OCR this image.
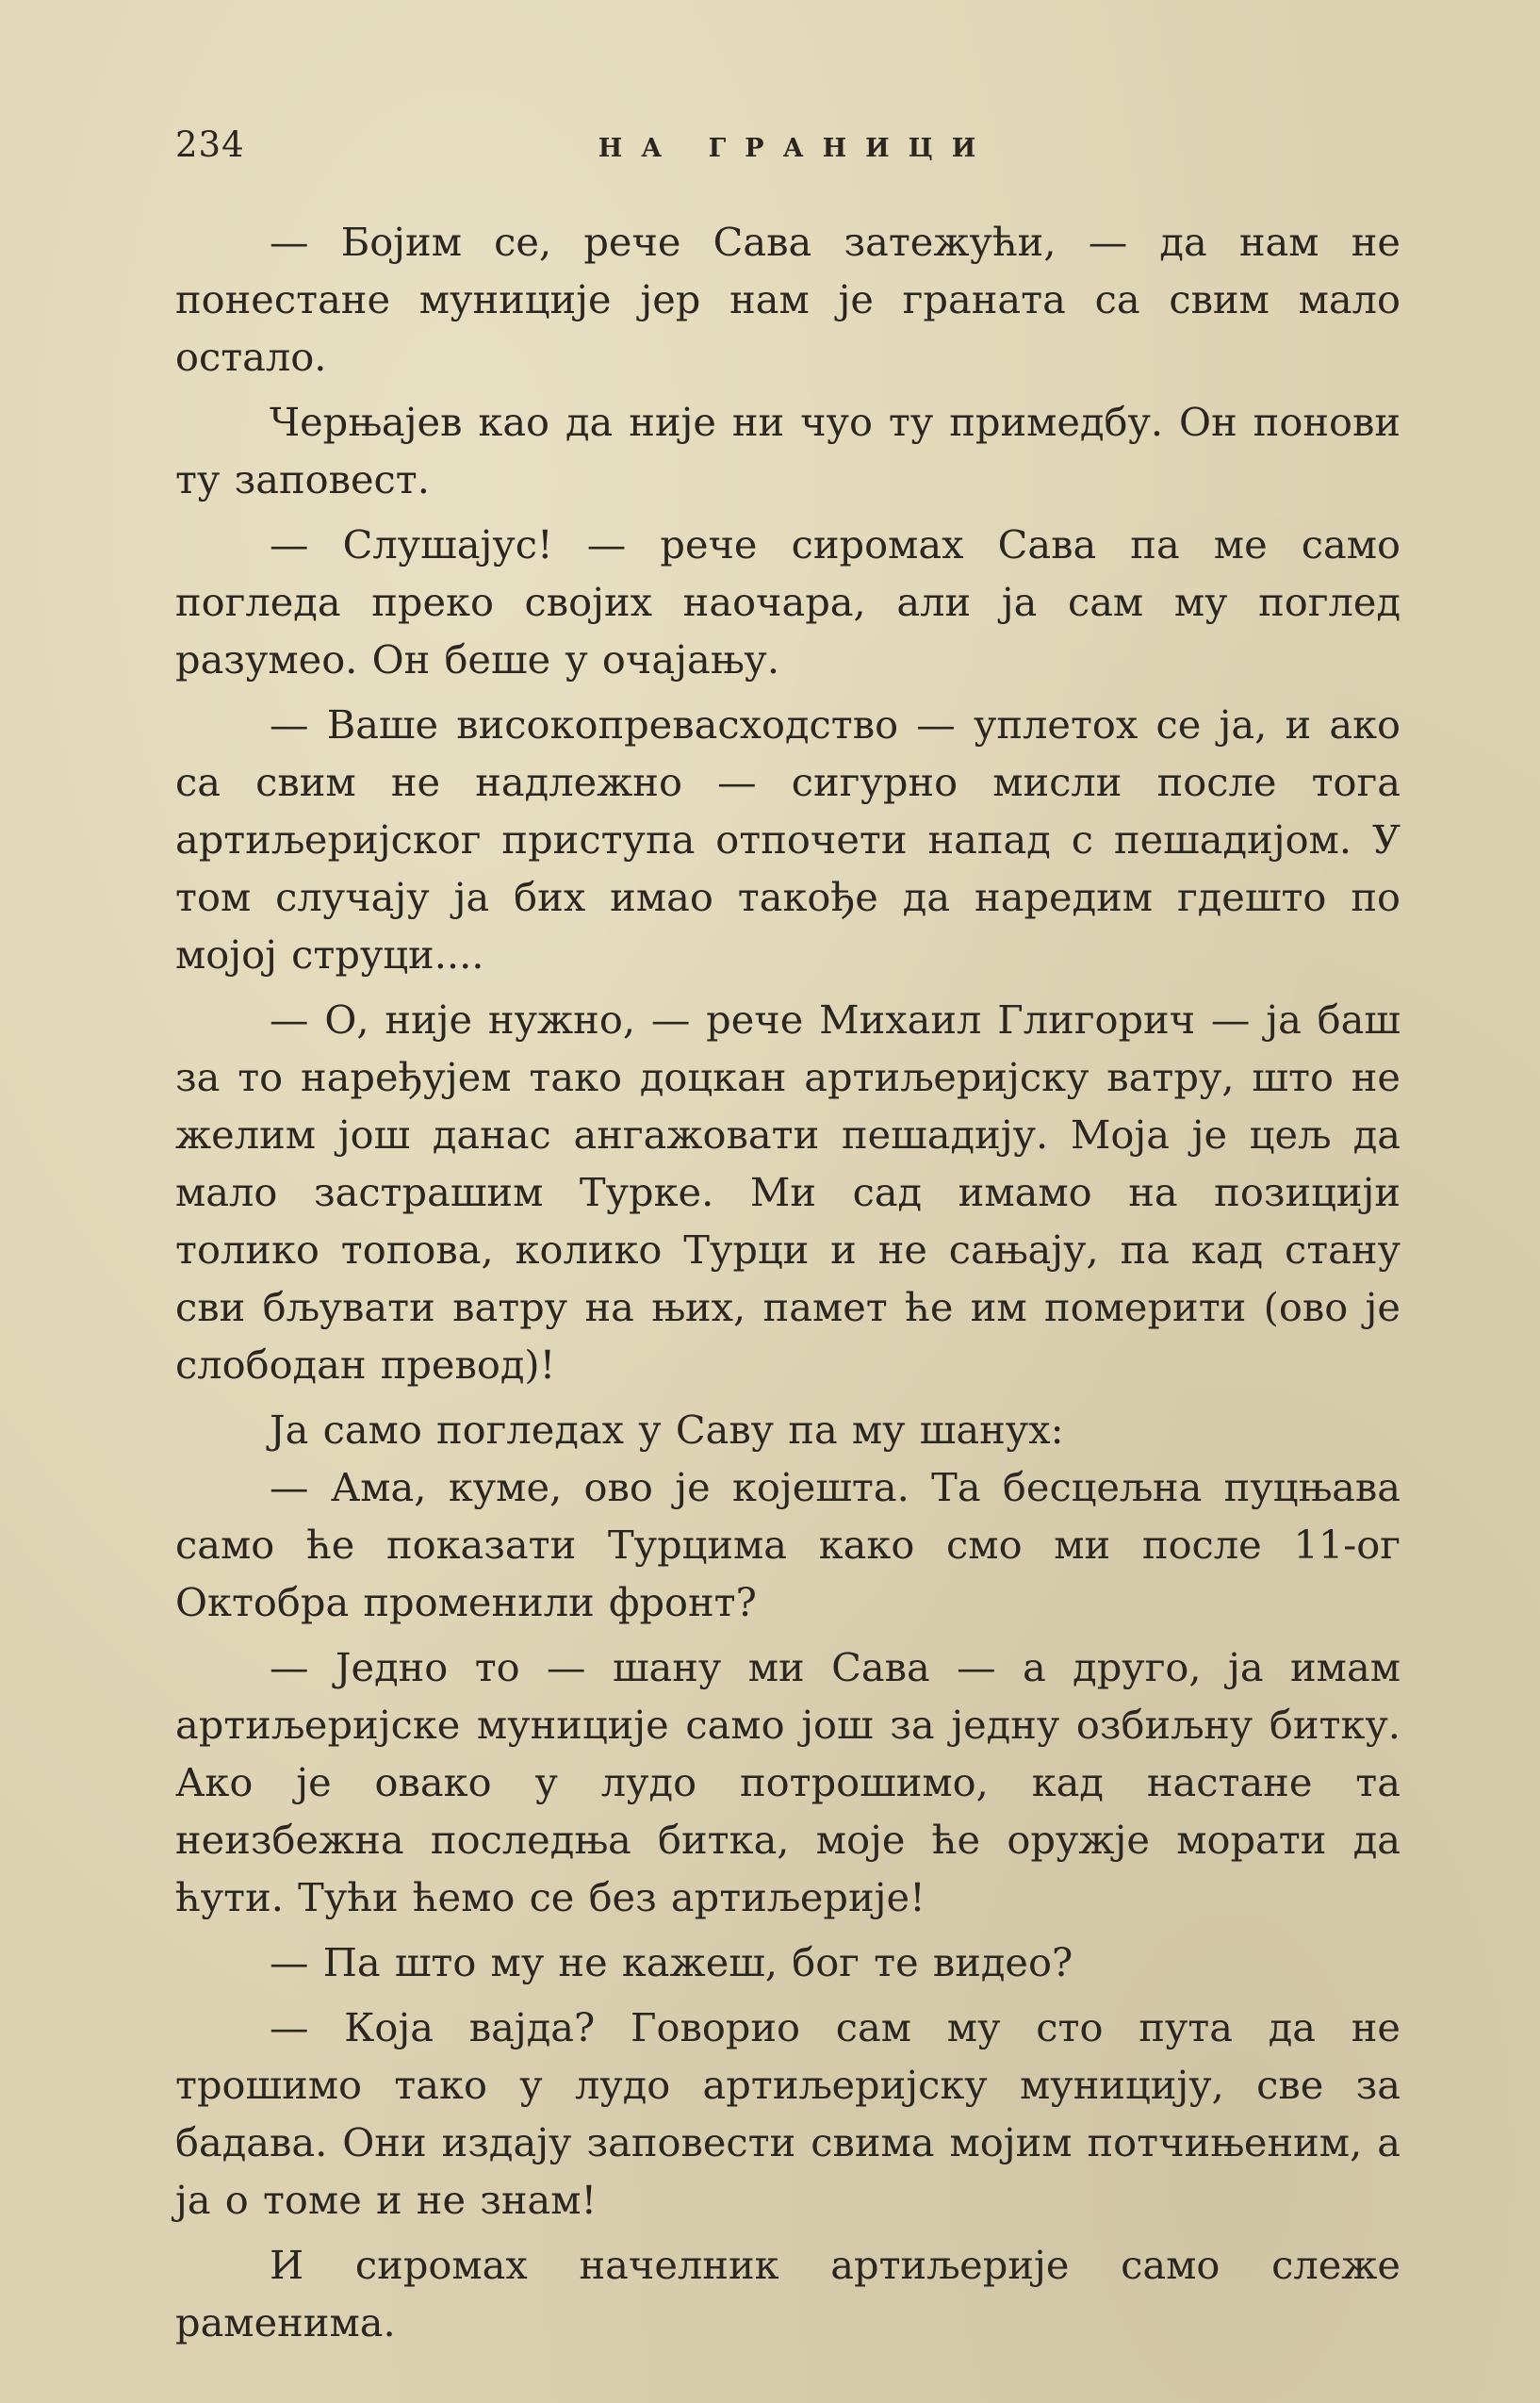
234	НА ГРАНИЦИ

— Бојим се, рече Сава затежући, — да нам не понестане муниције јер нам је граната са свим мало остало.

Черњајев као да није ни чуо ту примедбу. Он понови ту заповест.

— Слушајус! — рече сиромах Сава па ме само погледа преко својих наочара, али ја сам му поглед разумео. Он беше у очајању.

— Ваше високопревасходство — уплетох се ја, и ако са свим не надлежно — сигурно мисли после тога артиљеријског приступа отпочети напад с пешадијом. У том случају ја бих имао такође да наредим гдешто по мојој струци....

— О, није нужно, — рече Михаил Глигорич — ја баш за то наређујем тако доцкан артиљеријску ватру, што не желим још данас ангажовати пешадију. Моја је цељ да мало застрашим Турке. Ми сад имамо на позицији толико топова, колико Турци и не сањају, па кад стану сви бљувати ватру на њих, памет ће им померити (ово је слободан превод)!

Ја само погледах у Саву па му шанух:

— Ама, куме, ово је којешта. Та бесцељна пуцњава само ће показати Турцима како смо ми после 11-ог Октобра променили фронт?

— Једно то — шану ми Сава — а друго, ја имам артиљеријске муниције само још за једну озбиљну битку. Ако је овако у лудо потрошимо, кад настане та неизбежна последња битка, моје ће оружје морати да ћути. Тући ћемо се без артиљерије!

— Па што му не кажеш, бог те видео?

— Која вајда? Говорио сам му сто пута да не трошимо тако у лудо артиљеријску муницију, све за бадава. Они издају заповести свима мојим потчињеним, а ја о томе и не знам!

И сиромах начелник артиљерије само слеже раменима.
